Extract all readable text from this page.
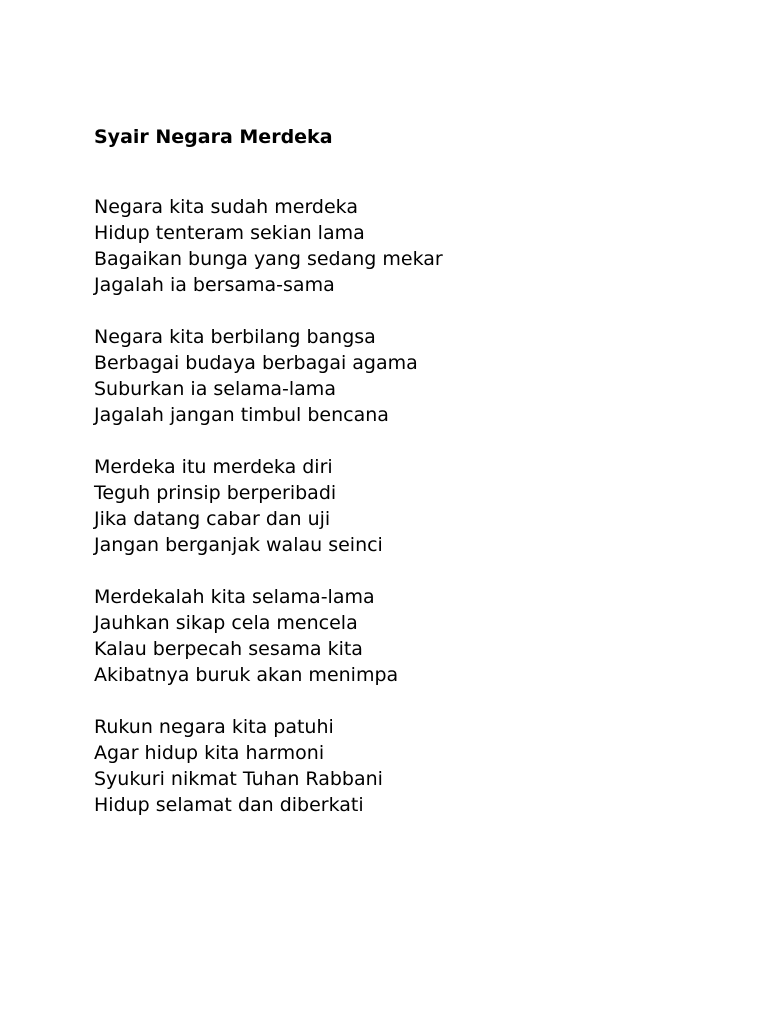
Syair Negara Merdeka
Negara kita sudah merdeka
Hidup tenteram sekian lama
Bagaikan bunga yang sedang mekar
Jagalah ia bersama-sama
Negara kita berbilang bangsa
Berbagai budaya berbagai agama
Suburkan ia selama-lama
Jagalah jangan timbul bencana
Merdeka itu merdeka diri
Teguh prinsip berperibadi
Jika datang cabar dan uji
Jangan berganjak walau seinci
Merdekalah kita selama-lama
Jauhkan sikap cela mencela
Kalau berpecah sesama kita
Akibatnya buruk akan menimpa
Rukun negara kita patuhi
Agar hidup kita harmoni
Syukuri nikmat Tuhan Rabbani
Hidup selamat dan diberkati
